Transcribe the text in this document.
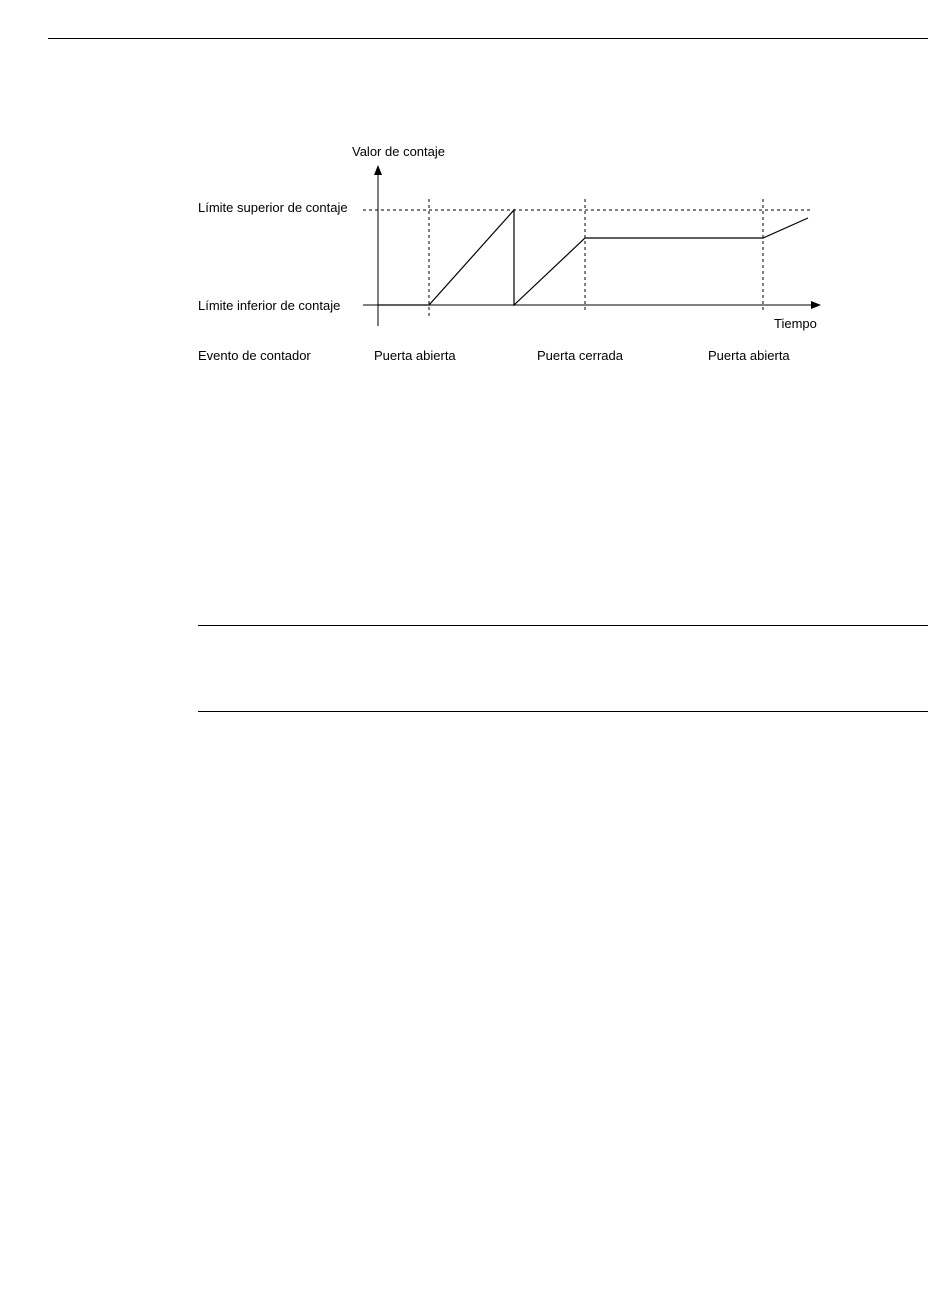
Valor de contaje
Límite superior de contaje
Límite inferior de contaje
Tiempo
Evento de contador	Puerta abierta	Puerta cerrada	Puerta abierta
